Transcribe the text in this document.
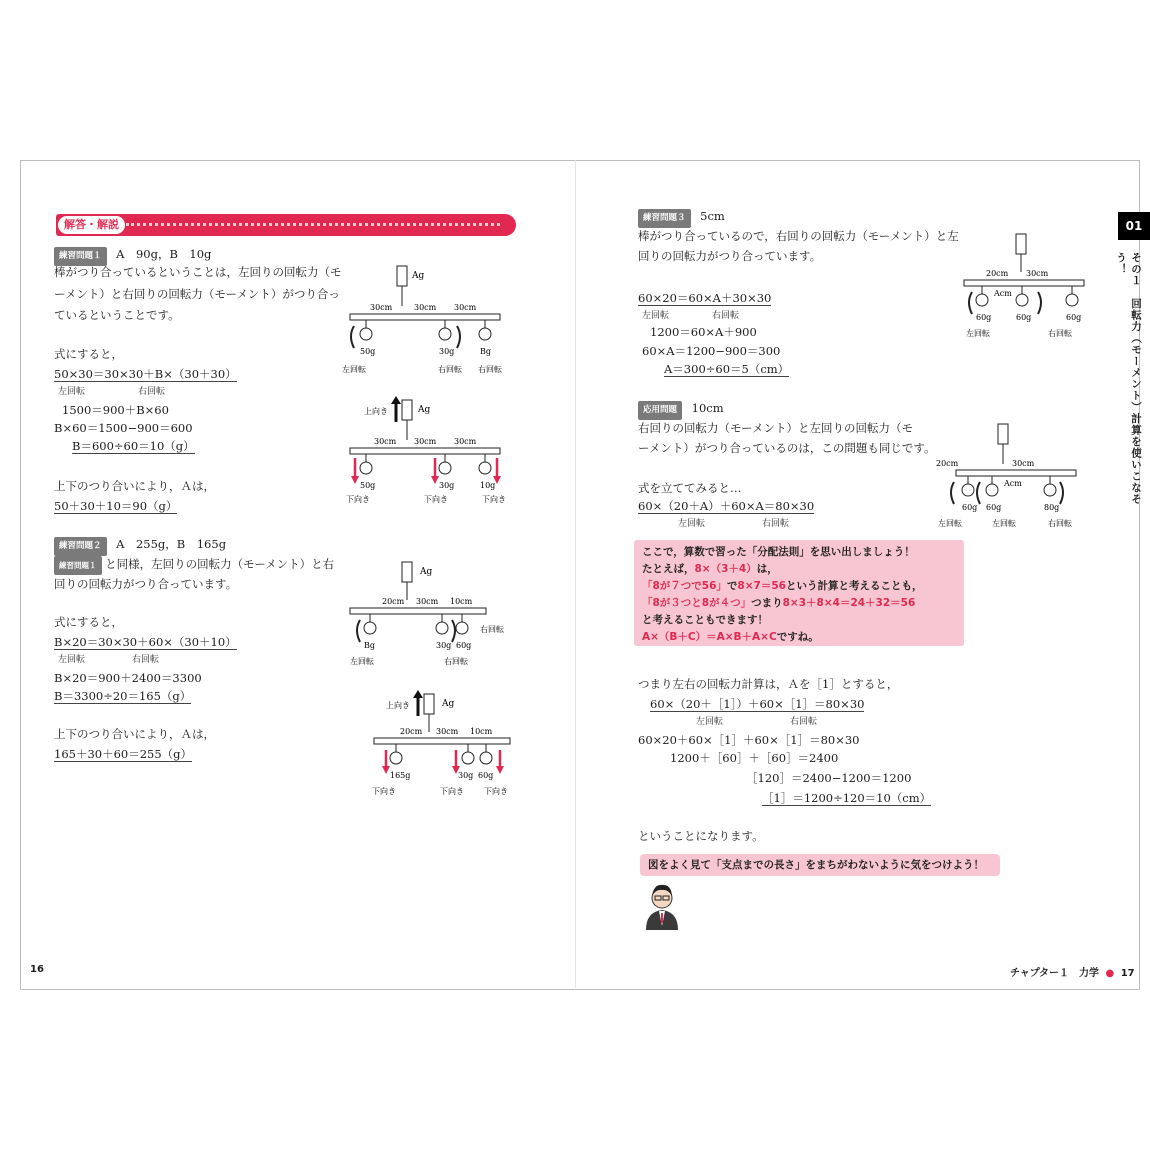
解答・解説
練習問題１ A　90g，B　10g
棒がつり合っているということは，左回りの回転力（モ
ーメント）と右回りの回転力（モーメント）がつり合っ
ているということです。
式にすると，
50×30＝30×30＋B×（30＋30）
左回転	右回転
1500＝900＋B×60
B×60＝1500−900＝600
B＝600÷60＝10（g）
上下のつり合いにより，Ａは，
50＋30＋10＝90（g）
練習問題２ A　255g，B　165g
練習問題１ と同様，左回りの回転力（モーメント）と右
回りの回転力がつり合っています。
式にすると，
B×20＝30×30＋60×（30＋10）
左回転	右回転
B×20＝900＋2400＝3300
B＝3300÷20＝165（g）
上下のつり合いにより，Ａは，
165＋30＋60＝255（g）
16
Ag
30cm	30cm 30cm
50g	30g	Bg
左回転	右回転 右回転
Ag
上向き
30cm 30cm 30cm
50g	30g	10g
下向き	下向き	下向き
Ag
20cm 30cm 10cm
右回転
Bg	30g 60g
左回転	右回転
Ag
上向き
20cm 30cm 10cm
165g	30g 60g
下向き	下向き	下向き
練習問題３ 5cm
棒がつり合っているので，右回りの回転力（モーメント）と左
回りの回転力がつり合っています。
60×20＝60×A＋30×30
左回転	右回転
1200＝60×A＋900
60×A＝1200−900＝300
A＝300÷60＝5（cm）
20cm 30cm
Acm
60g	60g	60g
左回転	右回転
応用問題 10cm
右回りの回転力（モーメント）と左回りの回転力（モ
ーメント）がつり合っているのは，この問題も同じです。
式を立ててみると…
60×（20＋A）＋60×A＝80×30
左回転	右回転
20cm	30cm
Acm
60g 60g	80g
左回転	左回転	右回転
ここで，算数で習った「分配法則」を思い出しましょう！
たとえば，8×（3＋4）は，
「8が７つで56」で8×7＝56という計算と考えることも，
「8が３つと8が４つ」つまり8×3＋8×4＝24＋32＝56
と考えることもできます！
A×（B＋C）＝A×B＋A×Cですね。
つまり左右の回転力計算は，Ａを［1］とすると，
60×（20＋［1］）＋60×［1］＝80×30
左回転	右回転
60×20＋60×［1］＋60×［1］＝80×30
1200＋［60］＋［60］＝2400
［120］＝2400−1200＝1200
［1］＝1200÷120＝10（cm）
ということになります。
図をよく見て「支点までの長さ」をまちがわないように気をつけよう！
01
その１　回転力（モーメント）計算を使いこなそう！
チャプター１　力学 ● 17
